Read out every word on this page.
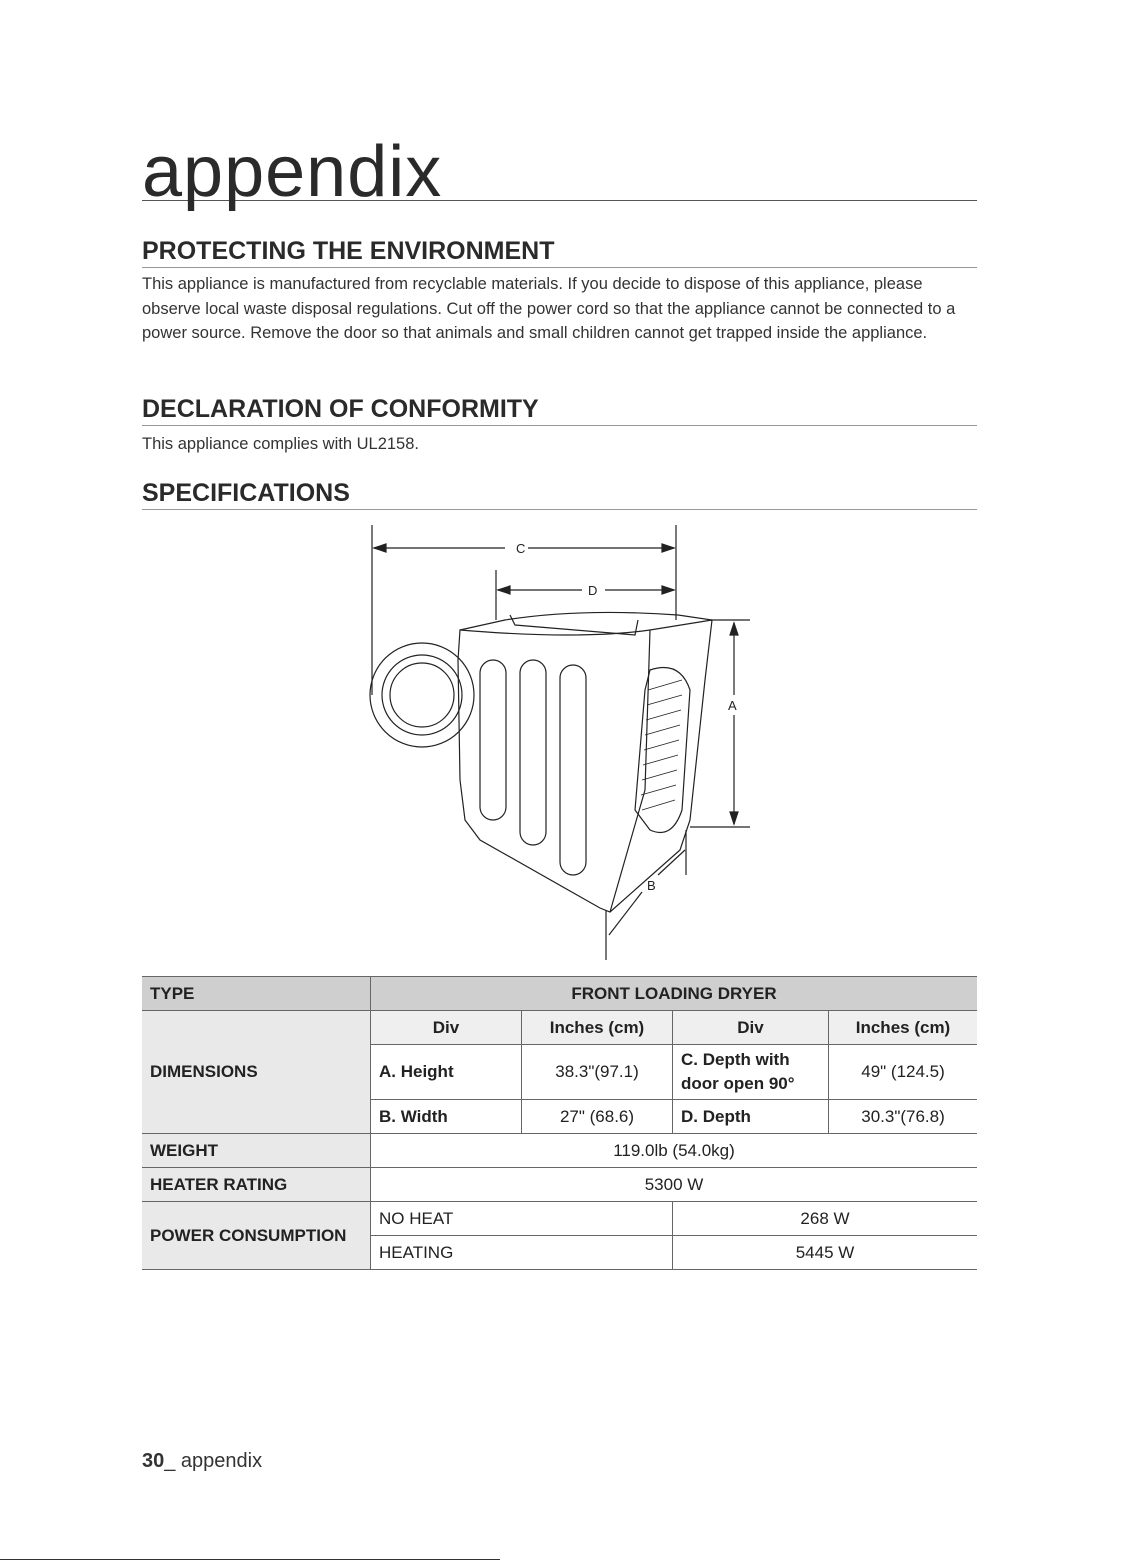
appendix
PROTECTING THE ENVIRONMENT
This appliance is manufactured from recyclable materials. If you decide to dispose of this appliance, please observe local waste disposal regulations. Cut off the power cord so that the appliance cannot be connected to a power source. Remove the door so that animals and small children cannot get trapped inside the appliance.
DECLARATION OF CONFORMITY
This appliance complies with UL2158.
SPECIFICATIONS
C
D
A
B
TYPE	FRONT LOADING DRYER			
DIMENSIONS	Div	Inches (cm)	Div	Inches (cm)
	A. Height	38.3"(97.1)	C. Depth with door open 90°	49" (124.5)
	B. Width	27" (68.6)	D. Depth	30.3"(76.8)
WEIGHT	119.0lb (54.0kg)			
HEATER RATING	5300 W			
POWER CONSUMPTION	NO HEAT		268 W	
	HEATING		5445 W	
30_ appendix
